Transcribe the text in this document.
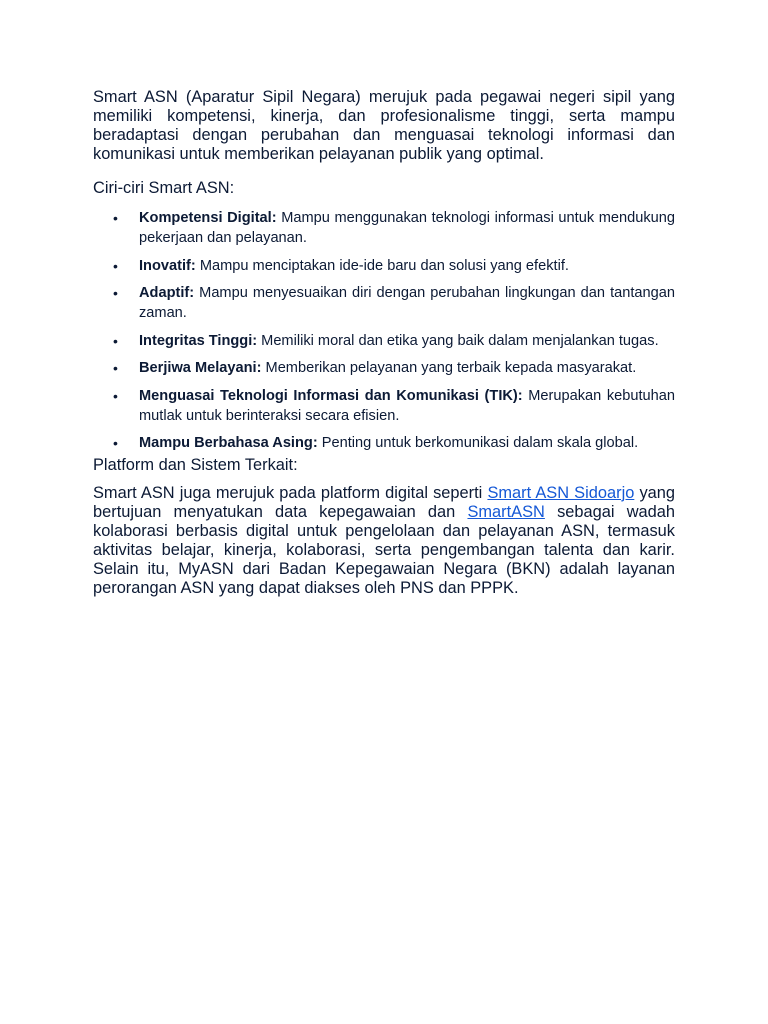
Smart ASN (Aparatur Sipil Negara) merujuk pada pegawai negeri sipil yang memiliki kompetensi, kinerja, dan profesionalisme tinggi, serta mampu beradaptasi dengan perubahan dan menguasai teknologi informasi dan komunikasi untuk memberikan pelayanan publik yang optimal.

Ciri-ciri Smart ASN:

• Kompetensi Digital: Mampu menggunakan teknologi informasi untuk mendukung pekerjaan dan pelayanan.
• Inovatif: Mampu menciptakan ide-ide baru dan solusi yang efektif.
• Adaptif: Mampu menyesuaikan diri dengan perubahan lingkungan dan tantangan zaman.
• Integritas Tinggi: Memiliki moral dan etika yang baik dalam menjalankan tugas.
• Berjiwa Melayani: Memberikan pelayanan yang terbaik kepada masyarakat.
• Menguasai Teknologi Informasi dan Komunikasi (TIK): Merupakan kebutuhan mutlak untuk berinteraksi secara efisien.
• Mampu Berbahasa Asing: Penting untuk berkomunikasi dalam skala global.

Platform dan Sistem Terkait:

Smart ASN juga merujuk pada platform digital seperti Smart ASN Sidoarjo yang bertujuan menyatukan data kepegawaian dan SmartASN sebagai wadah kolaborasi berbasis digital untuk pengelolaan dan pelayanan ASN, termasuk aktivitas belajar, kinerja, kolaborasi, serta pengembangan talenta dan karir. Selain itu, MyASN dari Badan Kepegawaian Negara (BKN) adalah layanan perorangan ASN yang dapat diakses oleh PNS dan PPPK.
